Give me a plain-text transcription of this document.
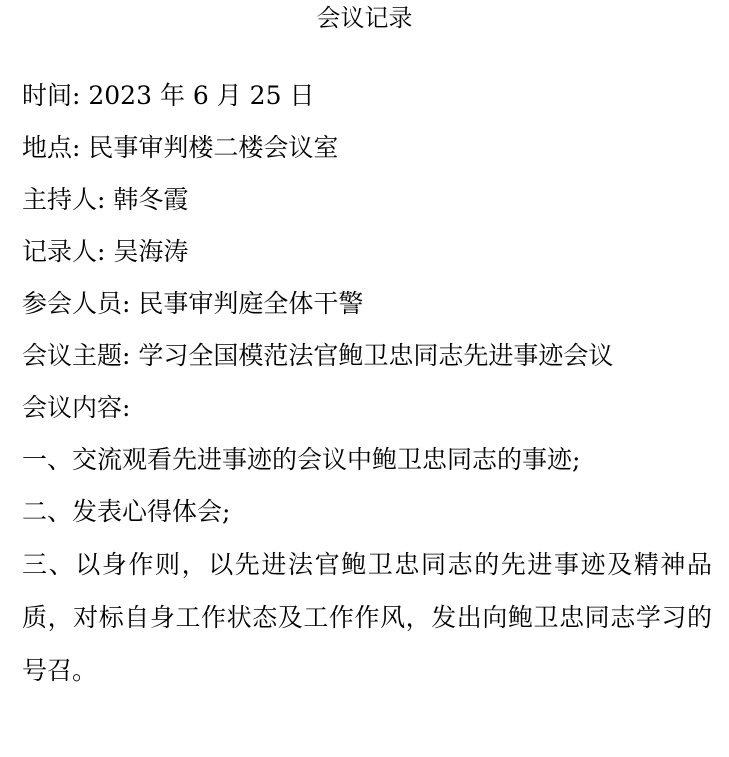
会议记录
时间: 2023 年 6 月 25 日
地点: 民事审判楼二楼会议室
主持人: 韩冬霞
记录人: 吴海涛
参会人员: 民事审判庭全体干警
会议主题: 学习全国模范法官鲍卫忠同志先进事迹会议
会议内容:
一、交流观看先进事迹的会议中鲍卫忠同志的事迹;
二、发表心得体会;
三、以身作则，以先进法官鲍卫忠同志的先进事迹及精神品质，对标自身工作状态及工作作风，发出向鲍卫忠同志学习的号召。
